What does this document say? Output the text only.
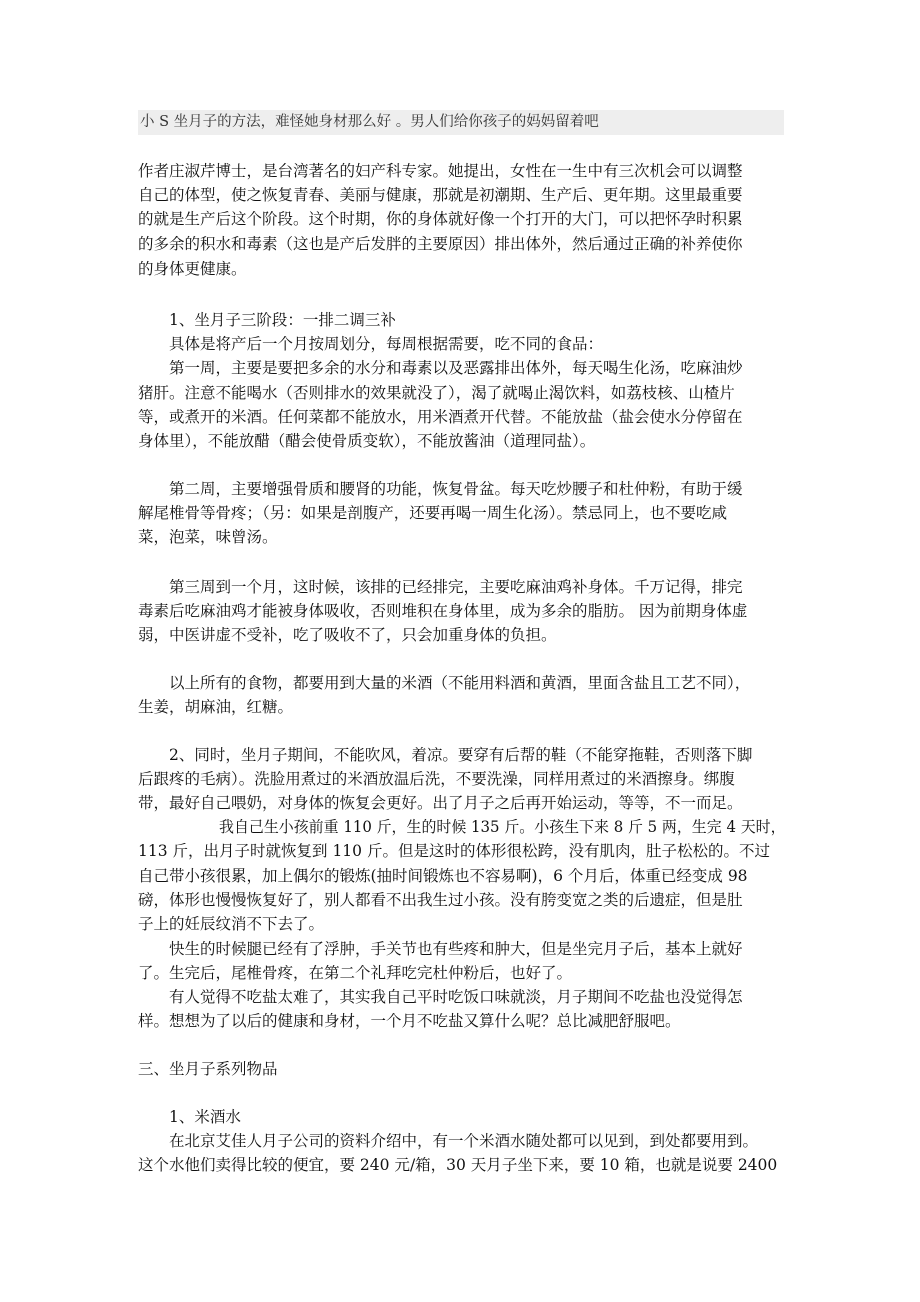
小 S 坐月子的方法，难怪她身材那么好 。男人们给你孩子的妈妈留着吧
作者庄淑芹博士，是台湾著名的妇产科专家。她提出，女性在一生中有三次机会可以调整
自己的体型，使之恢复青春、美丽与健康，那就是初潮期、生产后、更年期。这里最重要
的就是生产后这个阶段。这个时期，你的身体就好像一个打开的大门，可以把怀孕时积累
的多余的积水和毒素（这也是产后发胖的主要原因）排出体外，然后通过正确的补养使你
的身体更健康。
1、坐月子三阶段：一排二调三补
具体是将产后一个月按周划分，每周根据需要，吃不同的食品：
第一周，主要是要把多余的水分和毒素以及恶露排出体外，每天喝生化汤，吃麻油炒
猪肝。注意不能喝水（否则排水的效果就没了），渴了就喝止渴饮料，如荔枝核、山楂片
等，或煮开的米酒。任何菜都不能放水，用米酒煮开代替。不能放盐（盐会使水分停留在
身体里），不能放醋（醋会使骨质变软），不能放酱油（道理同盐）。
第二周，主要增强骨质和腰肾的功能，恢复骨盆。每天吃炒腰子和杜仲粉，有助于缓
解尾椎骨等骨疼；（另：如果是剖腹产，还要再喝一周生化汤）。禁忌同上，也不要吃咸
菜，泡菜，味曾汤。
第三周到一个月，这时候，该排的已经排完，主要吃麻油鸡补身体。千万记得，排完
毒素后吃麻油鸡才能被身体吸收，否则堆积在身体里，成为多余的脂肪。 因为前期身体虚
弱，中医讲虚不受补，吃了吸收不了，只会加重身体的负担。
以上所有的食物，都要用到大量的米酒（不能用料酒和黄酒，里面含盐且工艺不同），
生姜，胡麻油，红糖。
2、同时，坐月子期间，不能吹风，着凉。要穿有后帮的鞋（不能穿拖鞋，否则落下脚
后跟疼的毛病）。洗脸用煮过的米酒放温后洗，不要洗澡，同样用煮过的米酒擦身。绑腹
带，最好自己喂奶，对身体的恢复会更好。出了月子之后再开始运动，等等，不一而足。
我自己生小孩前重 110 斤，生的时候 135 斤。小孩生下来 8 斤 5 两，生完 4 天时，
113 斤，出月子时就恢复到 110 斤。但是这时的体形很松跨，没有肌肉，肚子松松的。不过
自己带小孩很累，加上偶尔的锻炼(抽时间锻炼也不容易啊)，6 个月后，体重已经变成 98
磅，体形也慢慢恢复好了，别人都看不出我生过小孩。没有胯变宽之类的后遗症，但是肚
子上的妊辰纹消不下去了。
快生的时候腿已经有了浮肿，手关节也有些疼和肿大，但是坐完月子后，基本上就好
了。生完后，尾椎骨疼，在第二个礼拜吃完杜仲粉后，也好了。
有人觉得不吃盐太难了，其实我自己平时吃饭口味就淡，月子期间不吃盐也没觉得怎
样。想想为了以后的健康和身材，一个月不吃盐又算什么呢？总比减肥舒服吧。
三、坐月子系列物品
1、米酒水
在北京艾佳人月子公司的资料介绍中，有一个米酒水随处都可以见到，到处都要用到。
这个水他们卖得比较的便宜，要 240 元/箱，30 天月子坐下来，要 10 箱，也就是说要 2400
